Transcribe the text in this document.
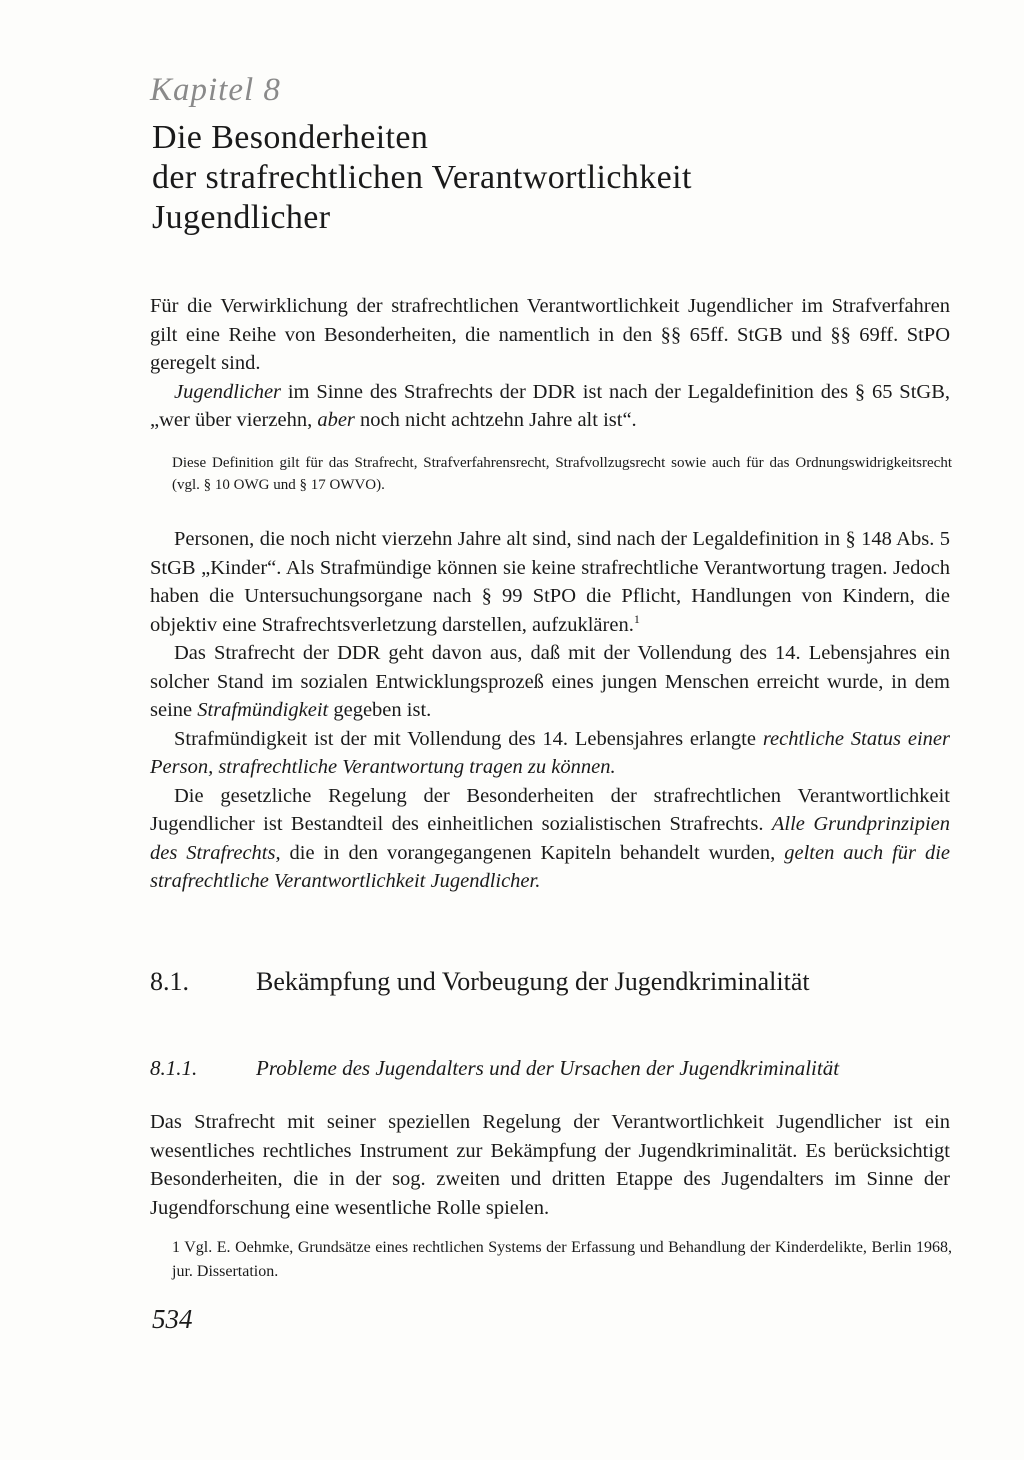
Kapitel 8
Die Besonderheiten
der strafrechtlichen Verantwortlichkeit
Jugendlicher

Für die Verwirklichung der strafrechtlichen Verantwortlichkeit Jugendlicher im Strafverfahren gilt eine Reihe von Besonderheiten, die namentlich in den §§ 65ff. StGB und §§ 69ff. StPO geregelt sind.

Jugendlicher im Sinne des Strafrechts der DDR ist nach der Legaldefinition des § 65 StGB, „wer über vierzehn, aber noch nicht achtzehn Jahre alt ist“.

Diese Definition gilt für das Strafrecht, Strafverfahrensrecht, Strafvollzugsrecht sowie auch für das Ordnungswidrigkeitsrecht (vgl. § 10 OWG und § 17 OWVO).

Personen, die noch nicht vierzehn Jahre alt sind, sind nach der Legaldefinition in § 148 Abs. 5 StGB „Kinder“. Als Strafmündige können sie keine strafrechtliche Verantwortung tragen. Jedoch haben die Untersuchungsorgane nach § 99 StPO die Pflicht, Handlungen von Kindern, die objektiv eine Strafrechtsverletzung darstellen, aufzuklären.$^1$

Das Strafrecht der DDR geht davon aus, daß mit der Vollendung des 14. Lebensjahres ein solcher Stand im sozialen Entwicklungsprozeß eines jungen Menschen erreicht wurde, in dem seine Strafmündigkeit gegeben ist.

Strafmündigkeit ist der mit Vollendung des 14. Lebensjahres erlangte rechtliche Status einer Person, strafrechtliche Verantwortung tragen zu können.

Die gesetzliche Regelung der Besonderheiten der strafrechtlichen Verantwortlichkeit Jugendlicher ist Bestandteil des einheitlichen sozialistischen Strafrechts. Alle Grundprinzipien des Strafrechts, die in den vorangegangenen Kapiteln behandelt wurden, gelten auch für die strafrechtliche Verantwortlichkeit Jugendlicher.

8.1.	Bekämpfung und Vorbeugung der Jugendkriminalität
8.1.1.	Probleme des Jugendalters und der Ursachen der Jugendkriminalität

Das Strafrecht mit seiner speziellen Regelung der Verantwortlichkeit Jugendlicher ist ein wesentliches rechtliches Instrument zur Bekämpfung der Jugendkriminalität. Es berücksichtigt Besonderheiten, die in der sog. zweiten und dritten Etappe des Jugendalters im Sinne der Jugendforschung eine wesentliche Rolle spielen.

1 Vgl. E. Oehmke, Grundsätze eines rechtlichen Systems der Erfassung und Behandlung der Kinderdelikte, Berlin 1968, jur. Dissertation.

534
